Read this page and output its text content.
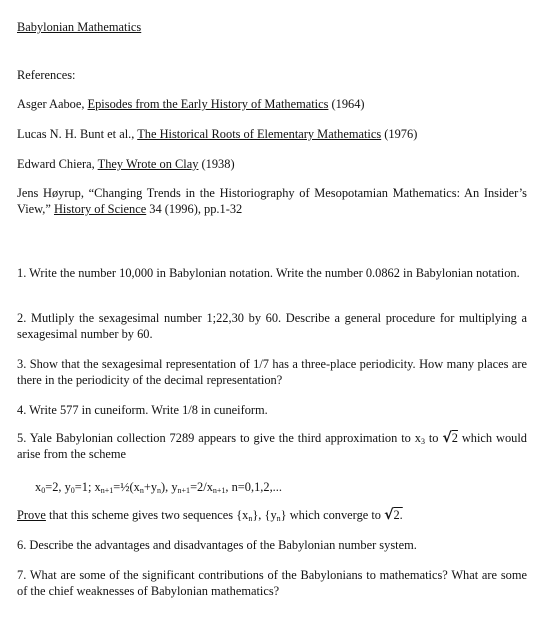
Babylonian Mathematics

References:

Asger Aaboe, Episodes from the Early History of Mathematics (1964)

Lucas N. H. Bunt et al., The Historical Roots of Elementary Mathematics (1976)

Edward Chiera, They Wrote on Clay (1938)

Jens Høyrup, “Changing Trends in the Historiography of Mesopotamian Mathematics: An Insider’s View,” History of Science 34 (1996), pp.1-32

1. Write the number 10,000 in Babylonian notation. Write the number 0.0862 in Babylonian notation.

2. Mutliply the sexagesimal number 1;22,30 by 60. Describe a general procedure for multiplying a sexagesimal number by 60.

3. Show that the sexagesimal representation of 1/7 has a three-place periodicity. How many places are there in the periodicity of the decimal representation?

4. Write 577 in cuneiform. Write 1/8 in cuneiform.

5. Yale Babylonian collection 7289 appears to give the third approximation to $x_3$ to √2 which would arise from the scheme

$x_0=2$, $y_0=1$; $x_{n+1}=\frac{1}{2}(x_n+y_n)$, $y_{n+1}=2/x_{n+1}$, n=0,1,2,...

Prove that this scheme gives two sequences $\{x_n\}$, $\{y_n\}$ which converge to √2.

6. Describe the advantages and disadvantages of the Babylonian number system.

7. What are some of the significant contributions of the Babylonians to mathematics? What are some of the chief weaknesses of Babylonian mathematics?
